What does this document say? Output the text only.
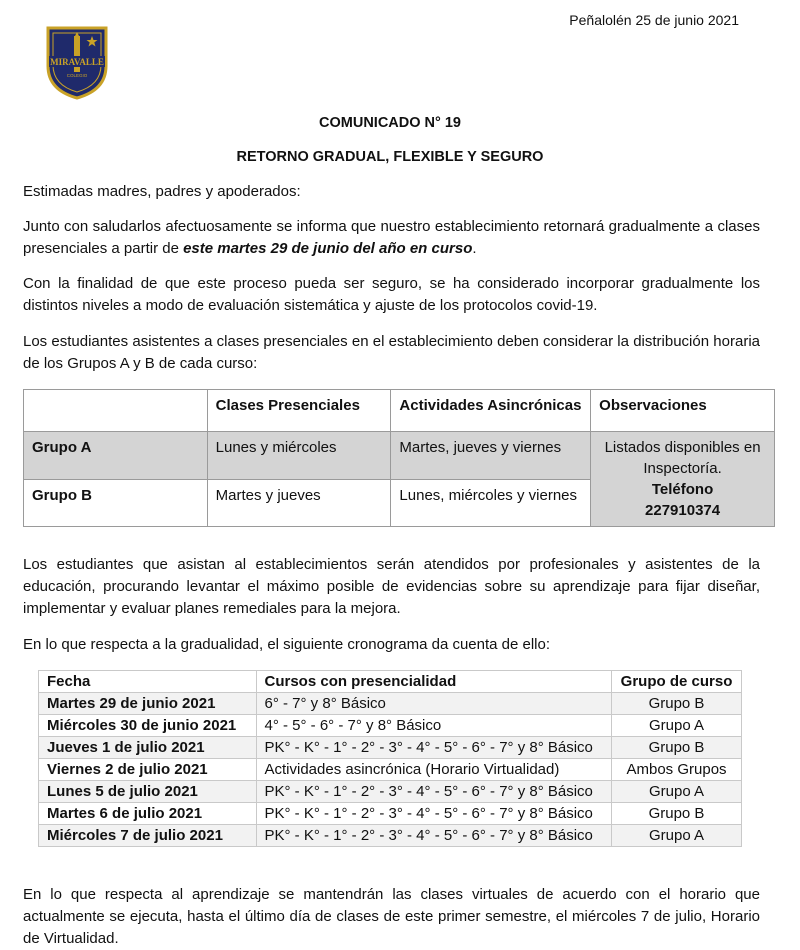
Peñalolén 25 de junio 2021
MIRAVALLE
COLEGIO
COMUNICADO N° 19
RETORNO GRADUAL, FLEXIBLE Y SEGURO

Estimadas madres, padres y apoderados:

Junto con saludarlos afectuosamente se informa que nuestro establecimiento retornará gradualmente a clases presenciales a partir de este martes 29 de junio del año en curso.

Con la finalidad de que este proceso pueda ser seguro, se ha considerado incorporar gradualmente los distintos niveles a modo de evaluación sistemática y ajuste de los protocolos covid-19.

Los estudiantes asistentes a clases presenciales en el establecimiento deben considerar la distribución horaria de los Grupos A y B de cada curso:

	Clases Presenciales	Actividades Asincrónicas	Observaciones
Grupo A	Lunes y miércoles	Martes, jueves y viernes	Listados disponibles en Inspectoría.
Teléfono
227910374

Grupo B	Martes y jueves	Lunes, miércoles y viernes	

Los estudiantes que asistan al establecimientos serán atendidos por profesionales y asistentes de la educación, procurando levantar el máximo posible de evidencias sobre su aprendizaje para fijar diseñar, implementar y evaluar planes remediales para la mejora.

En lo que respecta a la gradualidad, el siguiente cronograma da cuenta de ello:

Fecha	Cursos con presencialidad	Grupo de curso
Martes 29 de junio 2021	6° - 7° y 8° Básico	Grupo B
Miércoles 30 de junio 2021	4° - 5° - 6° - 7° y 8° Básico	Grupo A
Jueves 1 de julio 2021	PK° - K° - 1° - 2° - 3° - 4° - 5° - 6° - 7° y 8° Básico	Grupo B
Viernes 2 de julio 2021	Actividades asincrónica (Horario Virtualidad)	Ambos Grupos
Lunes 5 de julio 2021	PK° - K° - 1° - 2° - 3° - 4° - 5° - 6° - 7° y 8° Básico	Grupo A
Martes 6 de julio 2021	PK° - K° - 1° - 2° - 3° - 4° - 5° - 6° - 7° y 8° Básico	Grupo B
Miércoles 7 de julio 2021	PK° - K° - 1° - 2° - 3° - 4° - 5° - 6° - 7° y 8° Básico	Grupo A

En lo que respecta al aprendizaje se mantendrán las clases virtuales de acuerdo con el horario que actualmente se ejecuta, hasta el último día de clases de este primer semestre, el miércoles 7 de julio, Horario de Virtualidad.
